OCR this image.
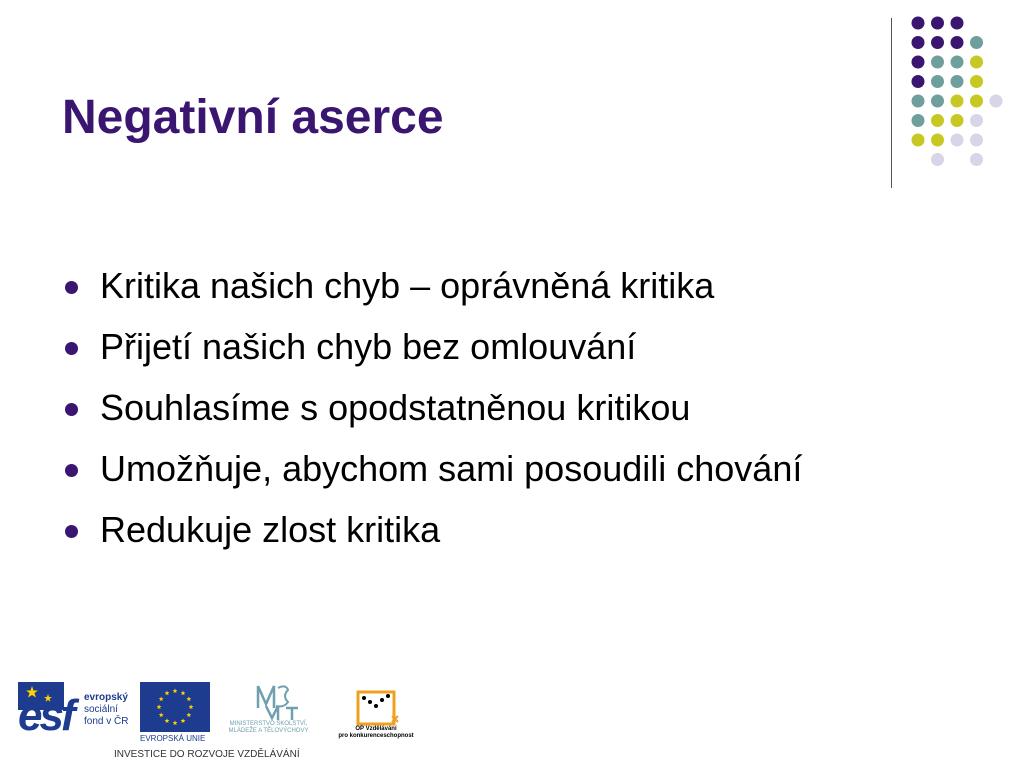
Negativní aserce
Kritika našich chyb – oprávněná kritika
Přijetí našich chyb bez omlouvání
Souhlasíme s opodstatněnou kritikou
Umožňuje, abychom sami posoudili chování
Redukuje zlost kritika
esf evropský
sociální
fond v ČR
EVROPSKÁ UNIE
MINISTERSTVO ŠKOLSTVÍ,
MLÁDEŽE A TĚLOVÝCHOVY	OP Vzdělávání
pro konkurenceschopnost
INVESTICE DO ROZVOJE VZDĚLÁVÁNÍ
